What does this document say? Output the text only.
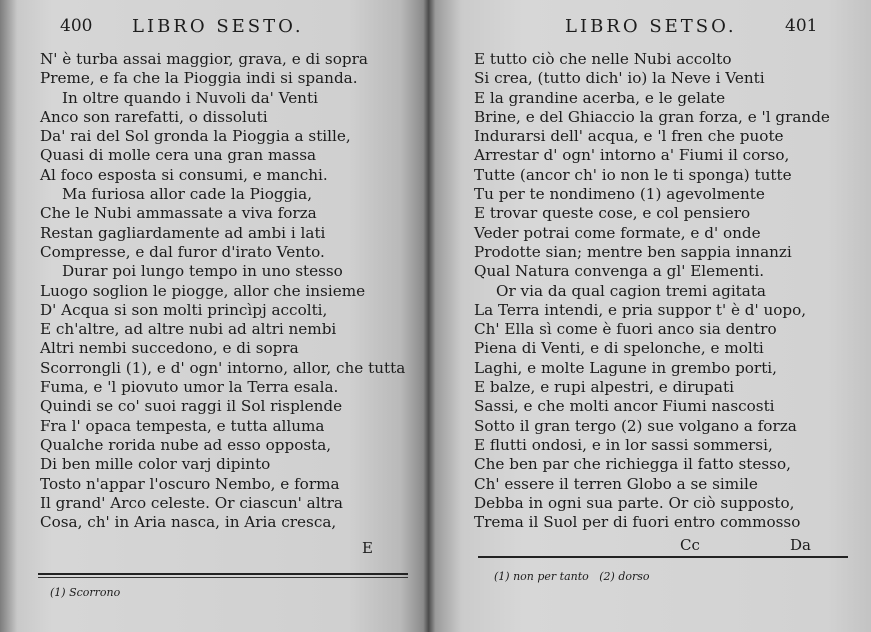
400 LIBRO SESTO.
N' è turba assai maggior, grava, e di sopra
Preme, e fa che la Pioggia indi si spanda.
In oltre quando i Nuvoli da' Venti
Anco son rarefatti, o dissoluti
Da' rai del Sol gronda la Pioggia a stille,
Quasi di molle cera una gran massa
Al foco esposta si consumi, e manchi.
Ma furiosa allor cade la Pioggia,
Che le Nubi ammassate a viva forza
Restan gagliardamente ad ambi i lati
Compresse, e dal furor d'irato Vento.
Durar poi lungo tempo in uno stesso
Luogo soglion le piogge, allor che insieme
D' Acqua si son molti princìpj accolti,
E ch'altre, ad altre nubi ad altri nembi
Altri nembi succedono, e di sopra
Scorrongli (1), e d' ogn' intorno, allor, che tutta
Fuma, e 'l piovuto umor la Terra esala.
Quindi se co' suoi raggi il Sol risplende
Fra l' opaca tempesta, e tutta alluma
Qualche rorida nube ad esso opposta,
Di ben mille color varj dipinto
Tosto n'appar l'oscuro Nembo, e forma
Il grand' Arco celeste. Or ciascun' altra
Cosa, ch' in Aria nasca, in Aria cresca,
E
(1) Scorrono
LIBRO SETSO.	401
E tutto ciò che nelle Nubi accolto
Si crea, (tutto dich' io) la Neve i Venti
E la grandine acerba, e le gelate
Brine, e del Ghiaccio la gran forza, e 'l grande
Indurarsi dell' acqua, e 'l fren che puote
Arrestar d' ogn' intorno a' Fiumi il corso,
Tutte (ancor ch' io non le ti sponga) tutte
Tu per te nondimeno (1) agevolmente
E trovar queste cose, e col pensiero
Veder potrai come formate, e d' onde
Prodotte sian; mentre ben sappia innanzi
Qual Natura convenga a gl' Elementi.
Or via da qual cagion tremi agitata
La Terra intendi, e pria suppor t' è d' uopo,
Ch' Ella sì come è fuori anco sia dentro
Piena di Venti, e di spelonche, e molti
Laghi, e molte Lagune in grembo porti,
E balze, e rupi alpestri, e dirupati
Sassi, e che molti ancor Fiumi nascosti
Sotto il gran tergo (2) sue volgano a forza
E flutti ondosi, e in lor sassi sommersi,
Che ben par che richiegga il fatto stesso,
Ch' essere il terren Globo a se simile
Debba in ogni sua parte. Or ciò supposto,
Trema il Suol per di fuori entro commosso
Cc	Da
(1) non per tanto   (2) dorso
